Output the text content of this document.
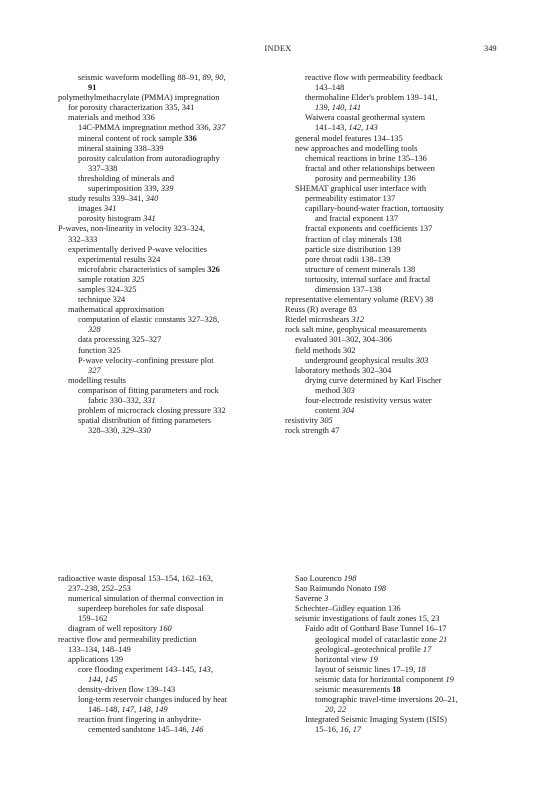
INDEX	349
seismic waveform modelling 88–91, 89, 90,
91
polymethylmethacrylate (PMMA) impregnation
for porosity characterization 335, 341
materials and method 336
14C-PMMA impregnation method 336, 337
mineral content of rock sample 336
mineral staining 338–339
porosity calculation from autoradiography
337–338
thresholding of minerals and
superimposition 339, 339
study results 339–341, 340
images 341
porosity histogram 341
P-waves, non-linearity in velocity 323–324,
332–333
experimentally derived P-wave velocities
experimental results 324
microfabric characteristics of samples 326
sample rotation 325
samples 324–325
technique 324
mathematical approximation
computation of elastic constants 327–328,
328
data processing 325–327
function 325
P-wave velocity–confining pressure plot
327
modelling results
comparison of fitting parameters and rock
fabric 330–332, 331
problem of microcrack closing pressure 332
spatial distribution of fitting parameters
328–330, 329–330
reactive flow with permeability feedback
143–148
thermohaline Elder's problem 139–141,
139, 140, 141
Waiwera coastal geothermal system
141–143, 142, 143
general model features 134–135
new approaches and modelling tools
chemical reactions in brine 135–136
fractal and other relationships between
porosity and permeability 136
SHEMAT graphical user interface with
permeability estimator 137
capillary-bound-water fraction, tortuosity
and fractal exponent 137
fractal exponents and coefficients 137
fraction of clay minerals 138
particle size distribution 139
pore throat radii 138–139
structure of cement minerals 138
tortuosity, internal surface and fractal
dimension 137–138
representative elementary volume (REV) 38
Reuss (R) average 83
Riedel microshears 312
rock salt mine, geophysical measurements
evaluated 301–302, 304–306
field methods 302
underground geophysical results 303
laboratory methods 302–304
drying curve determined by Karl Fischer
method 303
four-electrode resistivity versus water
content 304
resistivity 305
rock strength 47
radioactive waste disposal 153–154, 162–163,
237–238, 252–253
numerical simulation of thermal convection in
superdeep boreholes for safe disposal
159–162
diagram of well repository 160
reactive flow and permeability prediction
133–134, 148–149
applications 139
core flooding experiment 143–145, 143,
144, 145
density-driven flow 139–143
long-term reservoir changes induced by heat
146–148, 147, 148, 149
reaction front fingering in anhydrite-
cemented sandstone 145–146, 146
Sao Lourenco 198
Sao Raimundo Nonato 198
Saverne 3
Schechter–Gidley equation 136
seismic investigations of fault zones 15, 23
Faido adit of Gotthard Base Tunnel 16–17
geological model of cataclastic zone 21
geological–geotechnical profile 17
horizontal view 19
layout of seismic lines 17–19, 18
seismic data for horizontal component 19
seismic measurements 18
tomographic travel-time inversions 20–21,
20, 22
Integrated Seismic Imaging System (ISIS)
15–16, 16, 17
